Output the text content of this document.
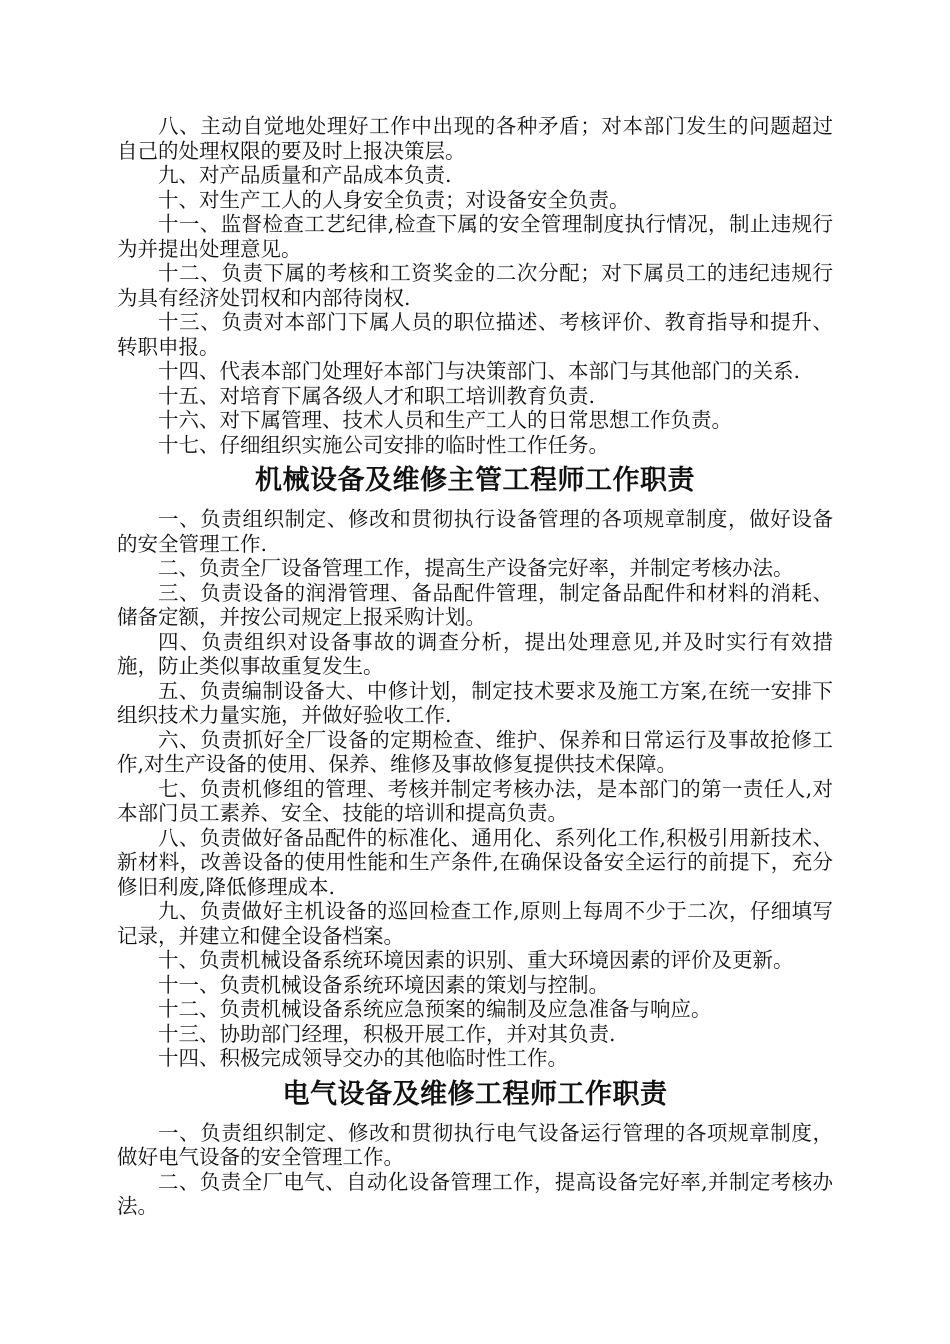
八、主动自觉地处理好工作中出现的各种矛盾；对本部门发生的问题超过自己的处理权限的要及时上报决策层。

九、对产品质量和产品成本负责.

十、对生产工人的人身安全负责；对设备安全负责。

十一、监督检查工艺纪律,检查下属的安全管理制度执行情况，制止违规行为并提出处理意见。

十二、负责下属的考核和工资奖金的二次分配；对下属员工的违纪违规行为具有经济处罚权和内部待岗权.

十三、负责对本部门下属人员的职位描述、考核评价、教育指导和提升、转职申报。

十四、代表本部门处理好本部门与决策部门、本部门与其他部门的关系.

十五、对培育下属各级人才和职工培训教育负责.

十六、对下属管理、技术人员和生产工人的日常思想工作负责。

十七、仔细组织实施公司安排的临时性工作任务。

机械设备及维修主管工程师工作职责

一、负责组织制定、修改和贯彻执行设备管理的各项规章制度，做好设备的安全管理工作.

二、负责全厂设备管理工作，提高生产设备完好率，并制定考核办法。

三、负责设备的润滑管理、备品配件管理，制定备品配件和材料的消耗、储备定额，并按公司规定上报采购计划。

四、负责组织对设备事故的调查分析，提出处理意见,并及时实行有效措施，防止类似事故重复发生。

五、负责编制设备大、中修计划，制定技术要求及施工方案,在统一安排下组织技术力量实施，并做好验收工作.

六、负责抓好全厂设备的定期检查、维护、保养和日常运行及事故抢修工作,对生产设备的使用、保养、维修及事故修复提供技术保障。

七、负责机修组的管理、考核并制定考核办法，是本部门的第一责任人,对本部门员工素养、安全、技能的培训和提高负责。

八、负责做好备品配件的标准化、通用化、系列化工作,积极引用新技术、新材料，改善设备的使用性能和生产条件,在确保设备安全运行的前提下，充分修旧利废,降低修理成本.

九、负责做好主机设备的巡回检查工作,原则上每周不少于二次，仔细填写记录，并建立和健全设备档案。

十、负责机械设备系统环境因素的识别、重大环境因素的评价及更新。

十一、负责机械设备系统环境因素的策划与控制。

十二、负责机械设备系统应急预案的编制及应急准备与响应。

十三、协助部门经理，积极开展工作，并对其负责.

十四、积极完成领导交办的其他临时性工作。

电气设备及维修工程师工作职责

一、负责组织制定、修改和贯彻执行电气设备运行管理的各项规章制度，做好电气设备的安全管理工作。

二、负责全厂电气、自动化设备管理工作，提高设备完好率,并制定考核办法。
